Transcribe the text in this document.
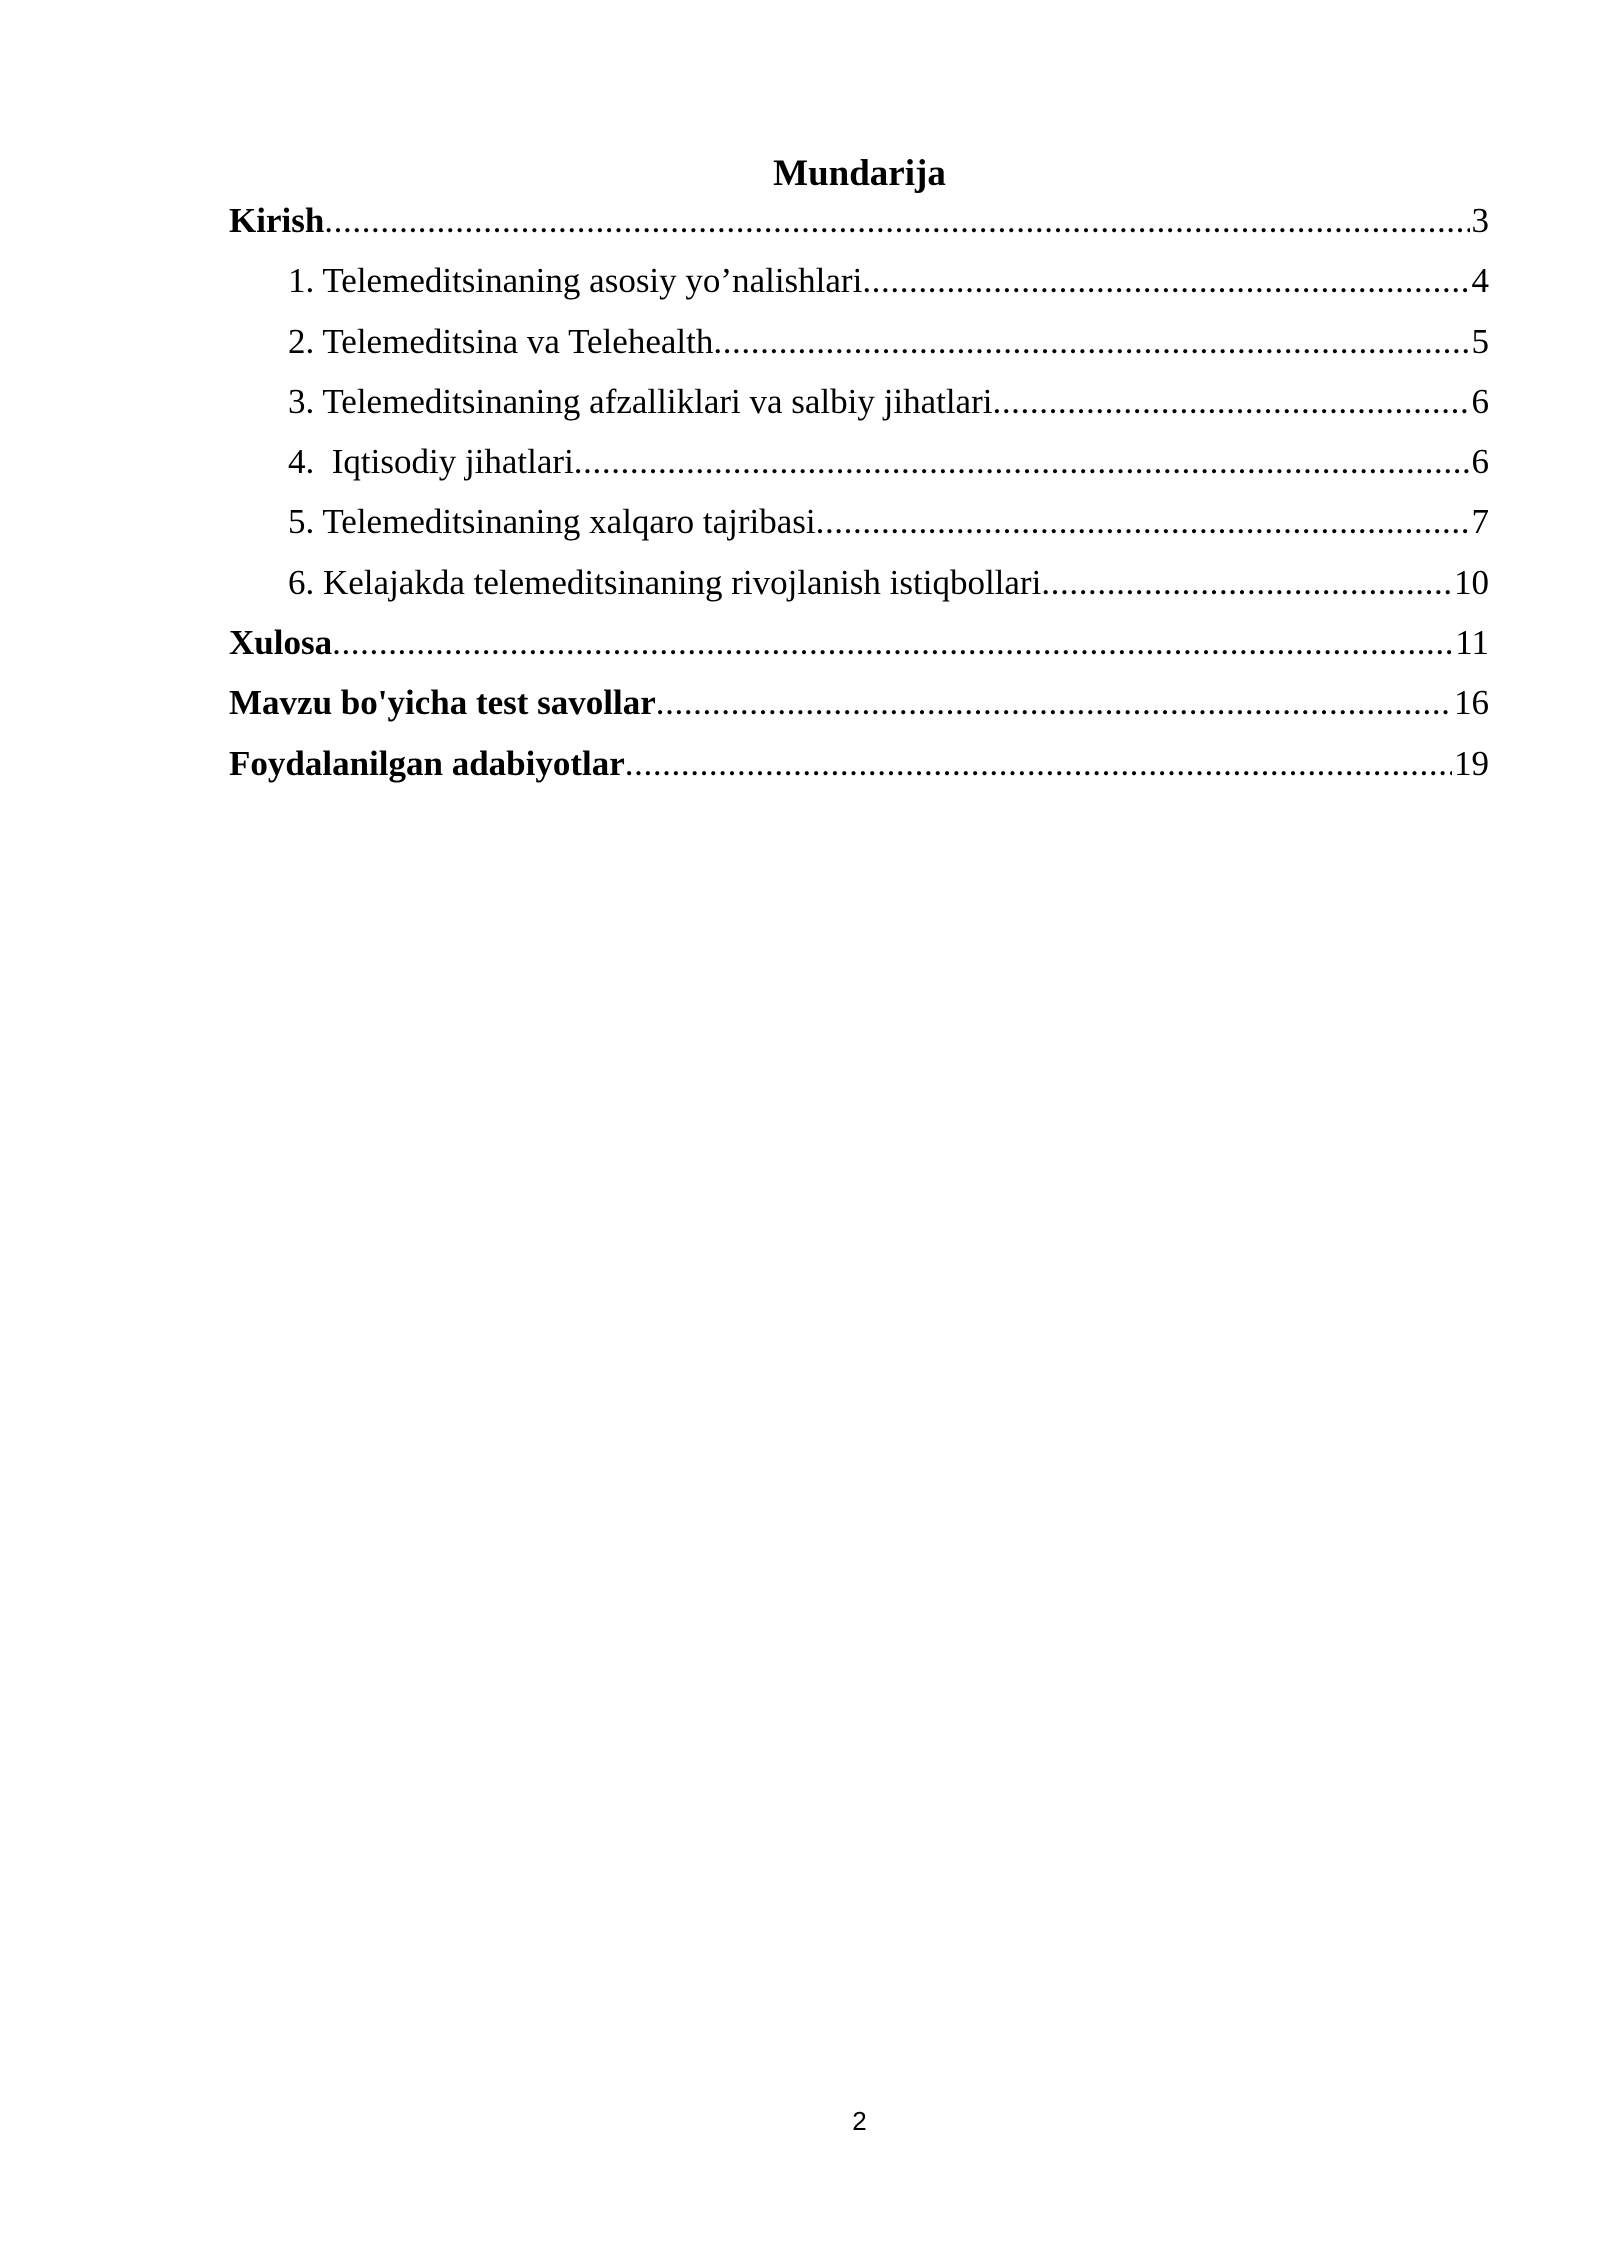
Mundarija
Kirish .....	3
1. Telemeditsinaning asosiy yo’nalishlari .....	4
2. Telemeditsina va Telehealth .....	5
3. Telemeditsinaning afzalliklari va salbiy jihatlari .....	6
4.  Iqtisodiy jihatlari .....	6
5. Telemeditsinaning xalqaro tajribasi .....	7
6. Kelajakda telemeditsinaning rivojlanish istiqbollari .....	10
Xulosa .....	11
Mavzu bo'yicha test savollar .....	16
Foydalanilgan adabiyotlar .....	19
2
